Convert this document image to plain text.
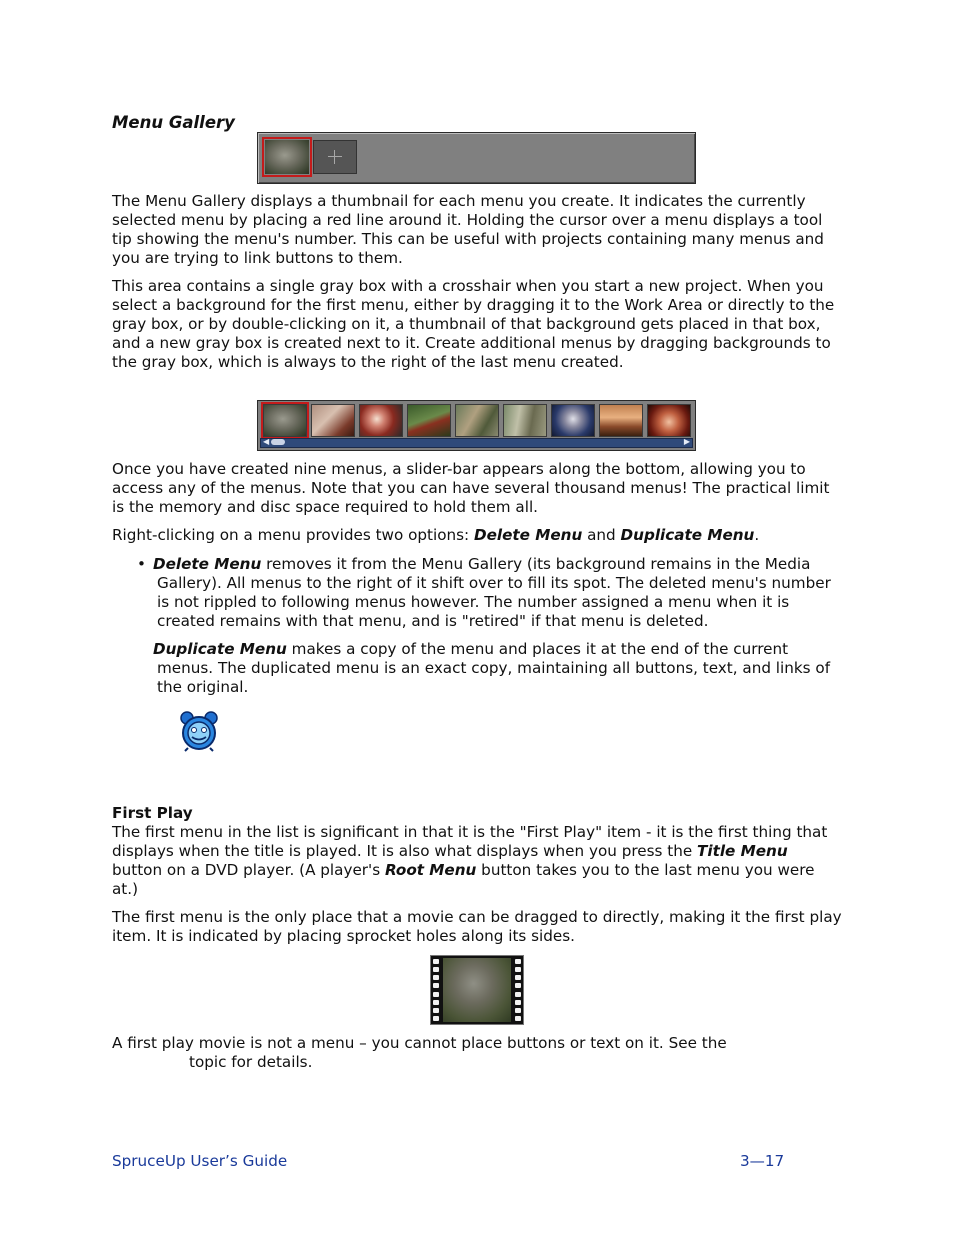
Menu Gallery

The Menu Gallery displays a thumbnail for each menu you create. It indicates the currently selected menu by placing a red line around it. Holding the cursor over a menu displays a tool tip showing the menu's number. This can be useful with projects containing many menus and you are trying to link buttons to them.

This area contains a single gray box with a crosshair when you start a new project. When you select a background for the first menu, either by dragging it to the Work Area or directly to the gray box, or by double-clicking on it, a thumbnail of that background gets placed in that box, and a new gray box is created next to it. Create additional menus by dragging backgrounds to the gray box, which is always to the right of the last menu created.

◀	▶

Once you have created nine menus, a slider-bar appears along the bottom, allowing you to access any of the menus. Note that you can have several thousand menus! The practical limit is the memory and disc space required to hold them all.

Right-clicking on a menu provides two options: Delete Menu and Duplicate Menu.

• Delete Menu removes it from the Menu Gallery (its background remains in the Media Gallery). All menus to the right of it shift over to fill its spot. The deleted menu's number is not rippled to following menus however. The number assigned a menu when it is created remains with that menu, and is "retired" if that menu is deleted.

Duplicate Menu makes a copy of the menu and places it at the end of the current menus. The duplicated menu is an exact copy, maintaining all buttons, text, and links of the original.

First Play

The first menu in the list is significant in that it is the "First Play" item - it is the first thing that displays when the title is played. It is also what displays when you press the Title Menu button on a DVD player. (A player's Root Menu button takes you to the last menu you were at.)

The first menu is the only place that a movie can be dragged to directly, making it the first play item. It is indicated by placing sprocket holes along its sides.

A first play movie is not a menu – you cannot place buttons or text on it. See the

topic for details.

SpruceUp User’s Guide	3—17
